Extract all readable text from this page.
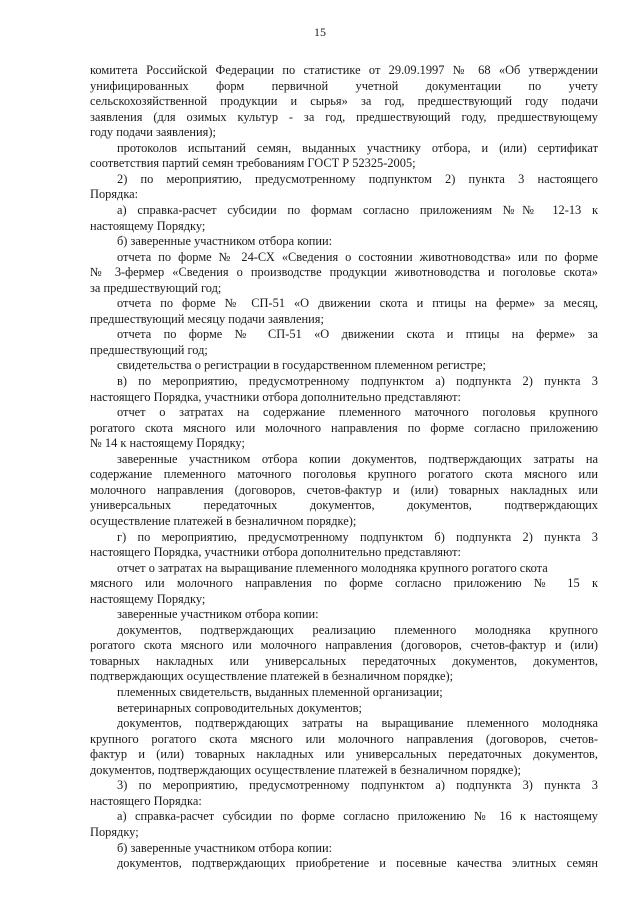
15
комитета Российской Федерации по статистике от 29.09.1997 № 68 «Об утверждении
унифицированных форм первичной учетной документации по учету
сельскохозяйственной продукции и сырья» за год, предшествующий году подачи
заявления (для озимых культур - за год, предшествующий году, предшествующему
году подачи заявления);
протоколов испытаний семян, выданных участнику отбора, и (или) сертификат
соответствия партий семян требованиям ГОСТ Р 52325-2005;
2) по мероприятию, предусмотренному подпунктом 2) пункта 3 настоящего
Порядка:
а) справка-расчет субсидии по формам согласно приложениям №№ 12-13 к
настоящему Порядку;
б) заверенные участником отбора копии:
отчета по форме № 24-СХ «Сведения о состоянии животноводства» или по форме
№ 3-фермер «Сведения о производстве продукции животноводства и поголовье скота»
за предшествующий год;
отчета по форме № СП-51 «О движении скота и птицы на ферме» за месяц,
предшествующий месяцу подачи заявления;
отчета по форме № СП-51 «О движении скота и птицы на ферме» за
предшествующий год;
свидетельства о регистрации в государственном племенном регистре;
в) по мероприятию, предусмотренному подпунктом а) подпункта 2) пункта 3
настоящего Порядка, участники отбора дополнительно представляют:
отчет о затратах на содержание племенного маточного поголовья крупного
рогатого скота мясного или молочного направления по форме согласно приложению
№ 14 к настоящему Порядку;
заверенные участником отбора копии документов, подтверждающих затраты на
содержание племенного маточного поголовья крупного рогатого скота мясного или
молочного направления (договоров, счетов-фактур и (или) товарных накладных или
универсальных передаточных документов, документов, подтверждающих
осуществление платежей в безналичном порядке);
г) по мероприятию, предусмотренному подпунктом б) подпункта 2) пункта 3
настоящего Порядка, участники отбора дополнительно представляют:
отчет о затратах на выращивание племенного молодняка крупного рогатого скота
мясного или молочного направления по форме согласно приложению № 15 к
настоящему Порядку;
заверенные участником отбора копии:
документов, подтверждающих реализацию племенного молодняка крупного
рогатого скота мясного или молочного направления (договоров, счетов-фактур и (или)
товарных накладных или универсальных передаточных документов, документов,
подтверждающих осуществление платежей в безналичном порядке);
племенных свидетельств, выданных племенной организации;
ветеринарных сопроводительных документов;
документов, подтверждающих затраты на выращивание племенного молодняка
крупного рогатого скота мясного или молочного направления (договоров, счетов-
фактур и (или) товарных накладных или универсальных передаточных документов,
документов, подтверждающих осуществление платежей в безналичном порядке);
3) по мероприятию, предусмотренному подпунктом а) подпункта 3) пункта 3
настоящего Порядка:
а) справка-расчет субсидии по форме согласно приложению № 16 к настоящему
Порядку;
б) заверенные участником отбора копии:
документов, подтверждающих приобретение и посевные качества элитных семян
